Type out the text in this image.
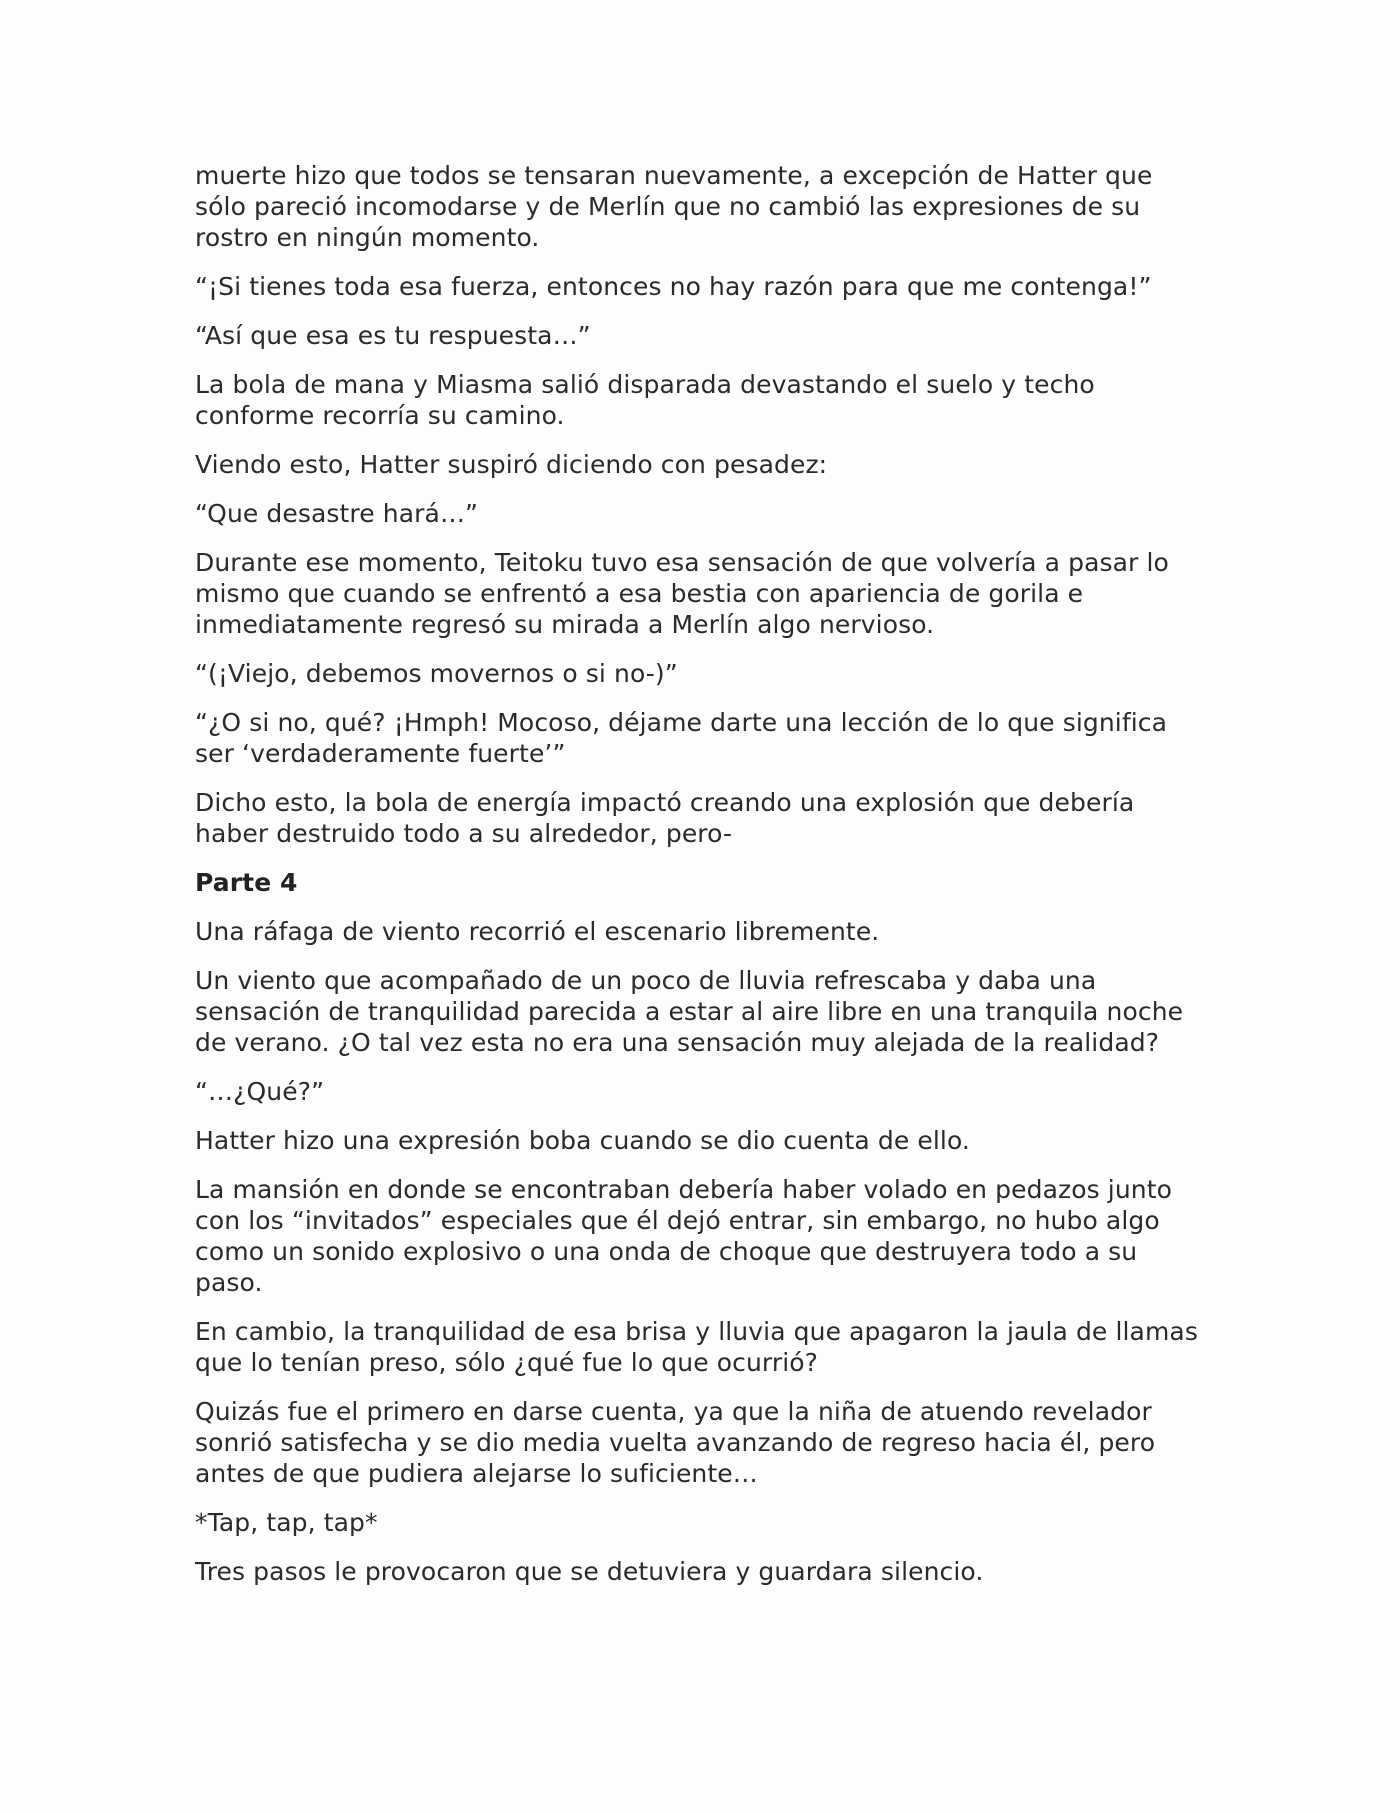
muerte hizo que todos se tensaran nuevamente, a excepción de Hatter que sólo pareció incomodarse y de Merlín que no cambió las expresiones de su rostro en ningún momento.

“¡Si tienes toda esa fuerza, entonces no hay razón para que me contenga!”

“Así que esa es tu respuesta…”

La bola de mana y Miasma salió disparada devastando el suelo y techo conforme recorría su camino.

Viendo esto, Hatter suspiró diciendo con pesadez:

“Que desastre hará…”

Durante ese momento, Teitoku tuvo esa sensación de que volvería a pasar lo mismo que cuando se enfrentó a esa bestia con apariencia de gorila e inmediatamente regresó su mirada a Merlín algo nervioso.

“(¡Viejo, debemos movernos o si no-)”

“¿O si no, qué? ¡Hmph! Mocoso, déjame darte una lección de lo que significa ser ‘verdaderamente fuerte’”

Dicho esto, la bola de energía impactó creando una explosión que debería haber destruido todo a su alrededor, pero-

Parte 4

Una ráfaga de viento recorrió el escenario libremente.

Un viento que acompañado de un poco de lluvia refrescaba y daba una sensación de tranquilidad parecida a estar al aire libre en una tranquila noche de verano. ¿O tal vez esta no era una sensación muy alejada de la realidad?

“…¿Qué?”

Hatter hizo una expresión boba cuando se dio cuenta de ello.

La mansión en donde se encontraban debería haber volado en pedazos junto con los “invitados” especiales que él dejó entrar, sin embargo, no hubo algo como un sonido explosivo o una onda de choque que destruyera todo a su paso.

En cambio, la tranquilidad de esa brisa y lluvia que apagaron la jaula de llamas que lo tenían preso, sólo ¿qué fue lo que ocurrió?

Quizás fue el primero en darse cuenta, ya que la niña de atuendo revelador sonrió satisfecha y se dio media vuelta avanzando de regreso hacia él, pero antes de que pudiera alejarse lo suficiente…

*Tap, tap, tap*

Tres pasos le provocaron que se detuviera y guardara silencio.
